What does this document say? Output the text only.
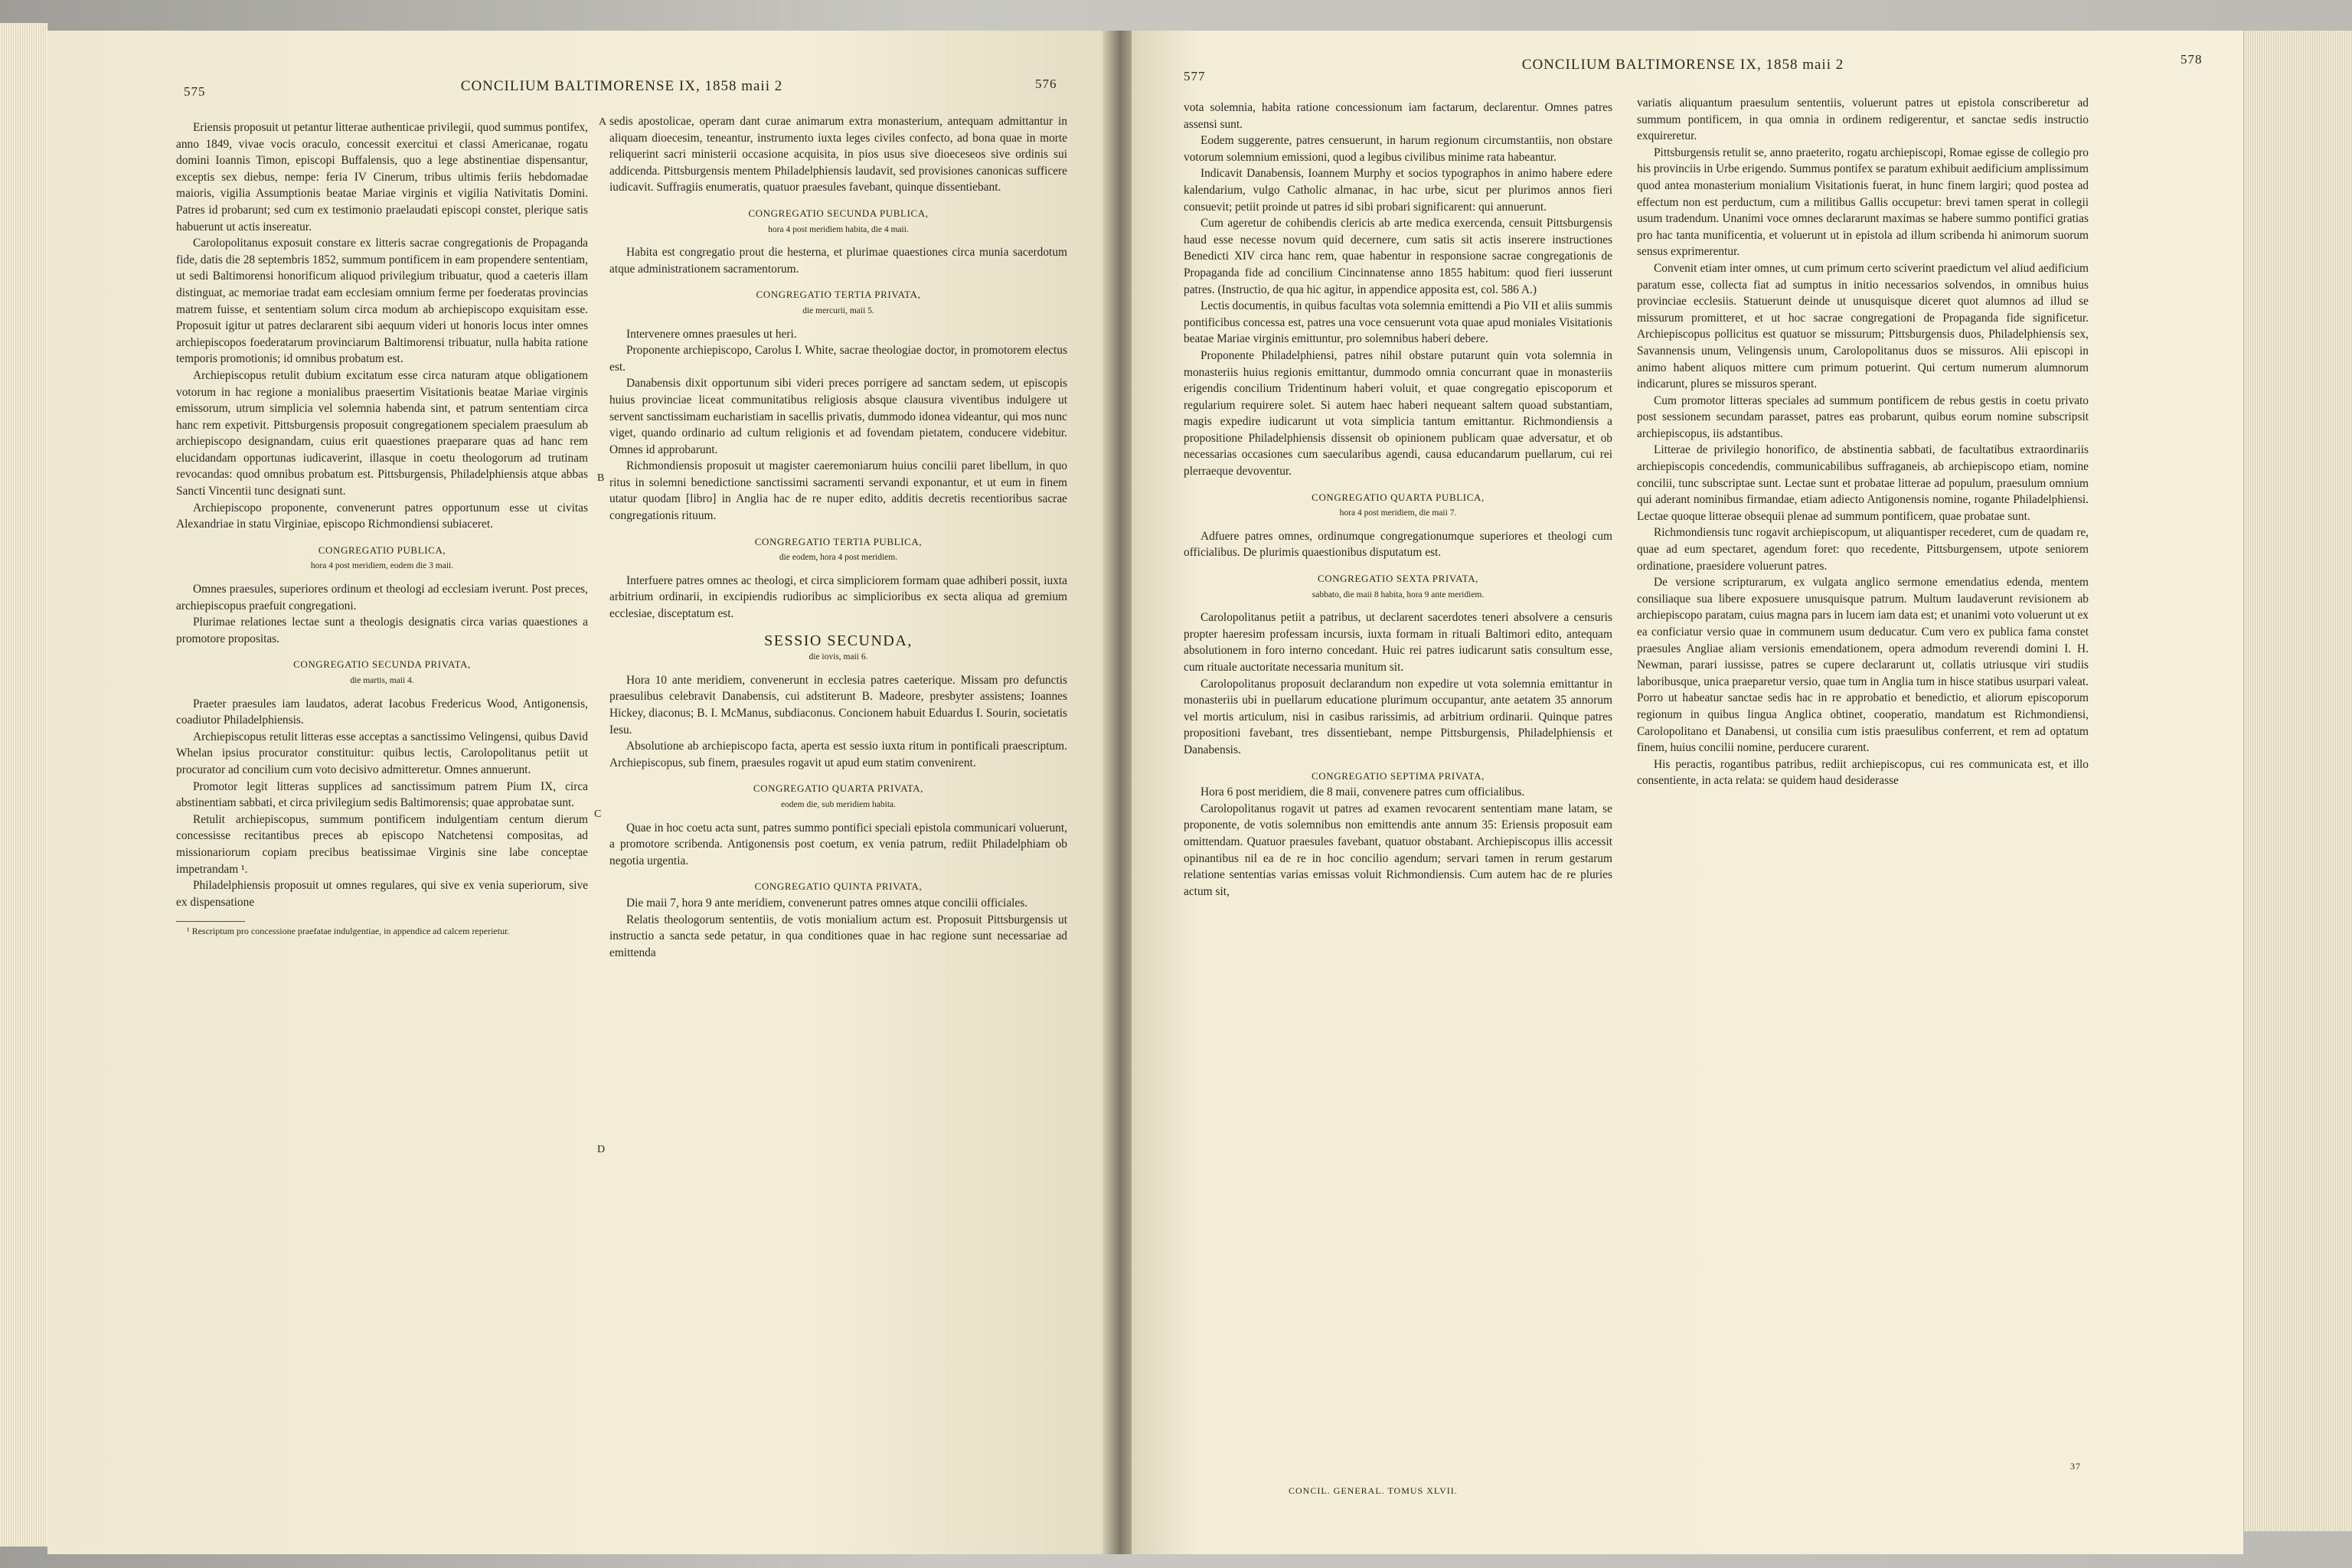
CONCILIUM BALTIMORENSE IX, 1858 maii 2
575
576

Eriensis proposuit ut petantur litterae authenticae privilegii, quod summus pontifex, anno 1849, vivae vocis oraculo, concessit exercitui et classi Americanae, rogatu domini Ioannis Timon, episcopi Buffalensis, quo a lege abstinentiae dispensantur, exceptis sex diebus, nempe: feria IV Cinerum, tribus ultimis feriis hebdomadae maioris, vigilia Assumptionis beatae Mariae virginis et vigilia Nativitatis Domini. Patres id probarunt; sed cum ex testimonio praelaudati episcopi constet, plerique satis habuerunt ut actis insereatur.

Carolopolitanus exposuit constare ex litteris sacrae congregationis de Propaganda fide, datis die 28 septembris 1852, summum pontificem in eam propendere sententiam, ut sedi Baltimorensi honorificum aliquod privilegium tribuatur, quod a caeteris illam distinguat, ac memoriae tradat eam ecclesiam omnium ferme per foederatas provincias matrem fuisse, et sententiam solum circa modum ab archiepiscopo exquisitam esse. Proposuit igitur ut patres declararent sibi aequum videri ut honoris locus inter omnes archiepiscopos foederatarum provinciarum Baltimorensi tribuatur, nulla habita ratione temporis promotionis; id omnibus probatum est.

Archiepiscopus retulit dubium excitatum esse circa naturam atque obligationem votorum in hac regione a monialibus praesertim Visitationis beatae Mariae virginis emissorum, utrum simplicia vel solemnia habenda sint, et patrum sententiam circa hanc rem expetivit. Pittsburgensis proposuit congregationem specialem praesulum ab archiepiscopo designandam, cuius erit quaestiones praeparare quas ad hanc rem elucidandam opportunas iudicaverint, illasque in coetu theologorum ad trutinam revocandas: quod omnibus probatum est. Pittsburgensis, Philadelphiensis atque abbas Sancti Vincentii tunc designati sunt.

Archiepiscopo proponente, convenerunt patres opportunum esse ut civitas Alexandriae in statu Virginiae, episcopo Richmondiensi subiaceret.

CONGREGATIO PUBLICA,
hora 4 post meridiem, eodem die 3 maii.

Omnes praesules, superiores ordinum et theologi ad ecclesiam iverunt. Post preces, archiepiscopus praefuit congregationi.

Plurimae relationes lectae sunt a theologis designatis circa varias quaestiones a promotore propositas.

CONGREGATIO SECUNDA PRIVATA,
die martis, maii 4.

Praeter praesules iam laudatos, aderat Iacobus Fredericus Wood, Antigonensis, coadiutor Philadelphiensis.

Archiepiscopus retulit litteras esse acceptas a sanctissimo Velingensi, quibus David Whelan ipsius procurator constituitur: quibus lectis, Carolopolitanus petiit ut procurator ad concilium cum voto decisivo admitteretur. Omnes annuerunt.

Promotor legit litteras supplices ad sanctissimum patrem Pium IX, circa abstinentiam sabbati, et circa privilegium sedis Baltimorensis; quae approbatae sunt.

Retulit archiepiscopus, summum pontificem indulgentiam centum dierum concessisse recitantibus preces ab episcopo Natchetensi compositas, ad missionariorum copiam precibus beatissimae Virginis sine labe conceptae impetrandam ¹.

Philadelphiensis proposuit ut omnes regulares, qui sive ex venia superiorum, sive ex dispensatione

¹ Rescriptum pro concessione praefatae indulgentiae, in appendice ad calcem reperietur.

sedis apostolicae, operam dant curae animarum extra monasterium, antequam admittantur in aliquam dioecesim, teneantur, instrumento iuxta leges civiles confecto, ad bona quae in morte reliquerint sacri ministerii occasione acquisita, in pios usus sive dioeceseos sive ordinis sui addicenda. Pittsburgensis mentem Philadelphiensis laudavit, sed provisiones canonicas sufficere iudicavit. Suffragiis enumeratis, quatuor praesules favebant, quinque dissentiebant.

CONGREGATIO SECUNDA PUBLICA,
hora 4 post meridiem habita, die 4 maii.

Habita est congregatio prout die hesterna, et plurimae quaestiones circa munia sacerdotum atque administrationem sacramentorum.

CONGREGATIO TERTIA PRIVATA,
die mercurii, maii 5.

Intervenere omnes praesules ut heri.

Proponente archiepiscopo, Carolus I. White, sacrae theologiae doctor, in promotorem electus est.

Danabensis dixit opportunum sibi videri preces porrigere ad sanctam sedem, ut episcopis huius provinciae liceat communitatibus religiosis absque clausura viventibus indulgere ut servent sanctissimam eucharistiam in sacellis privatis, dummodo idonea videantur, qui mos nunc viget, quando ordinario ad cultum religionis et ad fovendam pietatem, conducere videbitur. Omnes id approbarunt.

Richmondiensis proposuit ut magister caeremoniarum huius concilii paret libellum, in quo ritus in solemni benedictione sanctissimi sacramenti servandi exponantur, et ut eum in finem utatur quodam [libro] in Anglia hac de re nuper edito, additis decretis recentioribus sacrae congregationis rituum.

CONGREGATIO TERTIA PUBLICA,
die eodem, hora 4 post meridiem.

Interfuere patres omnes ac theologi, et circa simpliciorem formam quae adhiberi possit, iuxta arbitrium ordinarii, in excipiendis rudioribus ac simplicioribus ex secta aliqua ad gremium ecclesiae, disceptatum est.

SESSIO SECUNDA,
die iovis, maii 6.

Hora 10 ante meridiem, convenerunt in ecclesia patres caeterique. Missam pro defunctis praesulibus celebravit Danabensis, cui adstiterunt B. Madeore, presbyter assistens; Ioannes Hickey, diaconus; B. I. McManus, subdiaconus. Concionem habuit Eduardus I. Sourin, societatis Iesu.

Absolutione ab archiepiscopo facta, aperta est sessio iuxta ritum in pontificali praescriptum. Archiepiscopus, sub finem, praesules rogavit ut apud eum statim convenirent.

CONGREGATIO QUARTA PRIVATA,
eodem die, sub meridiem habita.

Quae in hoc coetu acta sunt, patres summo pontifici speciali epistola communicari voluerunt, a promotore scribenda. Antigonensis post coetum, ex venia patrum, rediit Philadelphiam ob negotia urgentia.

CONGREGATIO QUINTA PRIVATA,

Die maii 7, hora 9 ante meridiem, convenerunt patres omnes atque concilii officiales.

Relatis theologorum sententiis, de votis monialium actum est. Proposuit Pittsburgensis ut instructio a sancta sede petatur, in qua conditiones quae in hac regione sunt necessariae ad emittenda

A
B
C
D
CONCILIUM BALTIMORENSE IX, 1858 maii 2
577
578

vota solemnia, habita ratione concessionum iam factarum, declarentur. Omnes patres assensi sunt.

Eodem suggerente, patres censuerunt, in harum regionum circumstantiis, non obstare votorum solemnium emissioni, quod a legibus civilibus minime rata habeantur.

Indicavit Danabensis, Ioannem Murphy et socios typographos in animo habere edere kalendarium, vulgo Catholic almanac, in hac urbe, sicut per plurimos annos fieri consuevit; petiit proinde ut patres id sibi probari significarent: qui annuerunt.

Cum ageretur de cohibendis clericis ab arte medica exercenda, censuit Pittsburgensis haud esse necesse novum quid decernere, cum satis sit actis inserere instructiones Benedicti XIV circa hanc rem, quae habentur in responsione sacrae congregationis de Propaganda fide ad concilium Cincinnatense anno 1855 habitum: quod fieri iusserunt patres. (Instructio, de qua hic agitur, in appendice apposita est, col. 586 A.)

Lectis documentis, in quibus facultas vota solemnia emittendi a Pio VII et aliis summis pontificibus concessa est, patres una voce censuerunt vota quae apud moniales Visitationis beatae Mariae virginis emittuntur, pro solemnibus haberi debere.

Proponente Philadelphiensi, patres nihil obstare putarunt quin vota solemnia in monasteriis huius regionis emittantur, dummodo omnia concurrant quae in monasteriis erigendis concilium Tridentinum haberi voluit, et quae congregatio episcoporum et regularium requirere solet. Si autem haec haberi nequeant saltem quoad substantiam, magis expedire iudicarunt ut vota simplicia tantum emittantur. Richmondiensis a propositione Philadelphiensis dissensit ob opinionem publicam quae adversatur, et ob necessarias occasiones cum saecularibus agendi, causa educandarum puellarum, cui rei plerraeque devoventur.

CONGREGATIO QUARTA PUBLICA,
hora 4 post meridiem, die maii 7.

Adfuere patres omnes, ordinumque congregationumque superiores et theologi cum officialibus. De plurimis quaestionibus disputatum est.

CONGREGATIO SEXTA PRIVATA,
sabbato, die maii 8 habita, hora 9 ante meridiem.

Carolopolitanus petiit a patribus, ut declarent sacerdotes teneri absolvere a censuris propter haeresim professam incursis, iuxta formam in rituali Baltimori edito, antequam absolutionem in foro interno concedant. Huic rei patres iudicarunt satis consultum esse, cum rituale auctoritate necessaria munitum sit.

Carolopolitanus proposuit declarandum non expedire ut vota solemnia emittantur in monasteriis ubi in puellarum educatione plurimum occupantur, ante aetatem 35 annorum vel mortis articulum, nisi in casibus rarissimis, ad arbitrium ordinarii. Quinque patres propositioni favebant, tres dissentiebant, nempe Pittsburgensis, Philadelphiensis et Danabensis.

CONGREGATIO SEPTIMA PRIVATA,

Hora 6 post meridiem, die 8 maii, convenere patres cum officialibus.

Carolopolitanus rogavit ut patres ad examen revocarent sententiam mane latam, se proponente, de votis solemnibus non emittendis ante annum 35: Eriensis proposuit eam omittendam. Quatuor praesules favebant, quatuor obstabant. Archiepiscopus illis accessit opinantibus nil ea de re in hoc concilio agendum; servari tamen in rerum gestarum relatione sententias varias emissas voluit Richmondiensis. Cum autem hac de re pluries actum sit,

variatis aliquantum praesulum sententiis, voluerunt patres ut epistola conscriberetur ad summum pontificem, in qua omnia in ordinem redigerentur, et sanctae sedis instructio exquireretur.

Pittsburgensis retulit se, anno praeterito, rogatu archiepiscopi, Romae egisse de collegio pro his provinciis in Urbe erigendo. Summus pontifex se paratum exhibuit aedificium amplissimum quod antea monasterium monialium Visitationis fuerat, in hunc finem largiri; quod postea ad effectum non est perductum, cum a militibus Gallis occupetur: brevi tamen sperat in collegii usum tradendum. Unanimi voce omnes declararunt maximas se habere summo pontifici gratias pro hac tanta munificentia, et voluerunt ut in epistola ad illum scribenda hi animorum suorum sensus exprimerentur.

Convenit etiam inter omnes, ut cum primum certo sciverint praedictum vel aliud aedificium paratum esse, collecta fiat ad sumptus in initio necessarios solvendos, in omnibus huius provinciae ecclesiis. Statuerunt deinde ut unusquisque diceret quot alumnos ad illud se missurum promitteret, et ut hoc sacrae congregationi de Propaganda fide significetur. Archiepiscopus pollicitus est quatuor se missurum; Pittsburgensis duos, Philadelphiensis sex, Savannensis unum, Velingensis unum, Carolopolitanus duos se missuros. Alii episcopi in animo habent aliquos mittere cum primum potuerint. Qui certum numerum alumnorum indicarunt, plures se missuros sperant.

Cum promotor litteras speciales ad summum pontificem de rebus gestis in coetu privato post sessionem secundam parasset, patres eas probarunt, quibus eorum nomine subscripsit archiepiscopus, iis adstantibus.

Litterae de privilegio honorifico, de abstinentia sabbati, de facultatibus extraordinariis archiepiscopis concedendis, communicabilibus suffraganeis, ab archiepiscopo etiam, nomine concilii, tunc subscriptae sunt. Lectae sunt et probatae litterae ad populum, praesulum omnium qui aderant nominibus firmandae, etiam adiecto Antigonensis nomine, rogante Philadelphiensi. Lectae quoque litterae obsequii plenae ad summum pontificem, quae probatae sunt.

Richmondiensis tunc rogavit archiepiscopum, ut aliquantisper recederet, cum de quadam re, quae ad eum spectaret, agendum foret: quo recedente, Pittsburgensem, utpote seniorem ordinatione, praesidere voluerunt patres.

De versione scripturarum, ex vulgata anglico sermone emendatius edenda, mentem consiliaque sua libere exposuere unusquisque patrum. Multum laudaverunt revisionem ab archiepiscopo paratam, cuius magna pars in lucem iam data est; et unanimi voto voluerunt ut ex ea conficiatur versio quae in communem usum deducatur. Cum vero ex publica fama constet praesules Angliae aliam versionis emendationem, opera admodum reverendi domini I. H. Newman, parari iussisse, patres se cupere declararunt ut, collatis utriusque viri studiis laboribusque, unica praeparetur versio, quae tum in Anglia tum in hisce statibus usurpari valeat. Porro ut habeatur sanctae sedis hac in re approbatio et benedictio, et aliorum episcoporum regionum in quibus lingua Anglica obtinet, cooperatio, mandatum est Richmondiensi, Carolopolitano et Danabensi, ut consilia cum istis praesulibus conferrent, et rem ad optatum finem, huius concilii nomine, perducere curarent.

His peractis, rogantibus patribus, rediit archiepiscopus, cui res communicata est, et illo consentiente, in acta relata: se quidem haud desiderasse

CONCIL. GENERAL. TOMUS XLVII.
37
